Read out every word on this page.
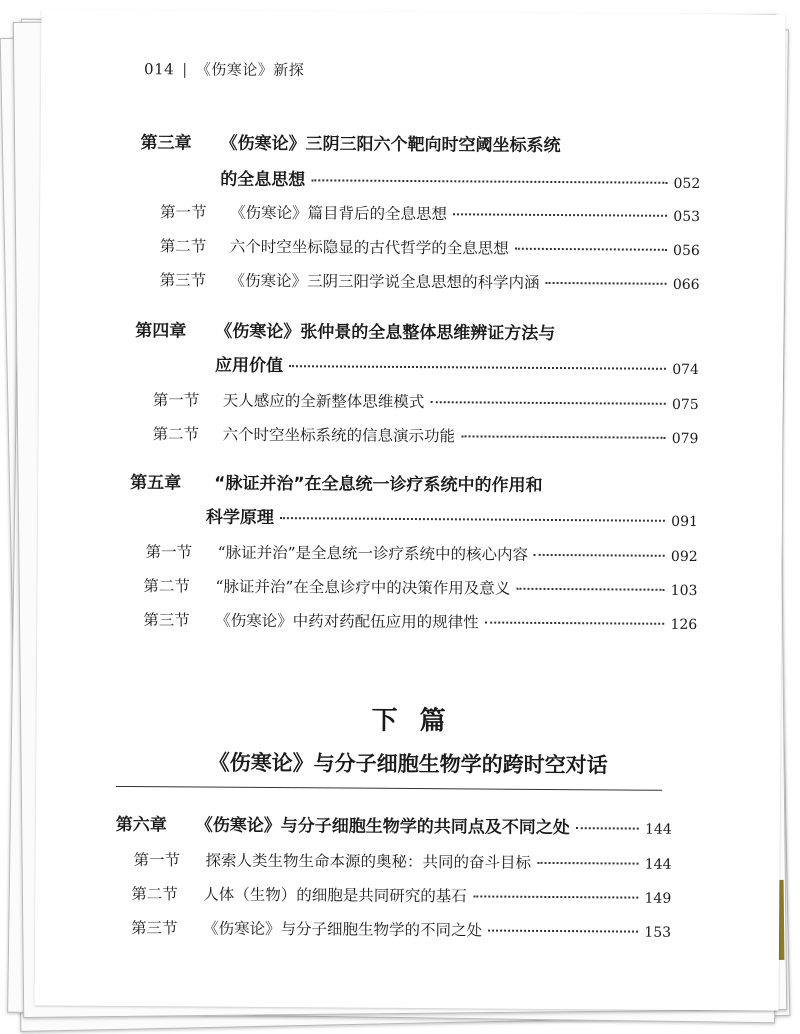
014 | 《伤寒论》新探
第三章	《伤寒论》三阴三阳六个靶向时空阈坐标系统
的全息思想	052
第一节	《伤寒论》篇目背后的全息思想	053
第二节	六个时空坐标隐显的古代哲学的全息思想	056
第三节	《伤寒论》三阴三阳学说全息思想的科学内涵	066
第四章	《伤寒论》张仲景的全息整体思维辨证方法与
应用价值	074
第一节	天人感应的全新整体思维模式	075
第二节	六个时空坐标系统的信息演示功能	079
第五章	“脉证并治”在全息统一诊疗系统中的作用和
科学原理	091
第一节	“脉证并治”是全息统一诊疗系统中的核心内容	092
第二节	“脉证并治”在全息诊疗中的决策作用及意义	103
第三节	《伤寒论》中药对药配伍应用的规律性	126
下篇
《伤寒论》与分子细胞生物学的跨时空对话
第六章	《伤寒论》与分子细胞生物学的共同点及不同之处	144
第一节	探索人类生物生命本源的奥秘：共同的奋斗目标	144
第二节	人体（生物）的细胞是共同研究的基石	149
第三节	《伤寒论》与分子细胞生物学的不同之处	153
